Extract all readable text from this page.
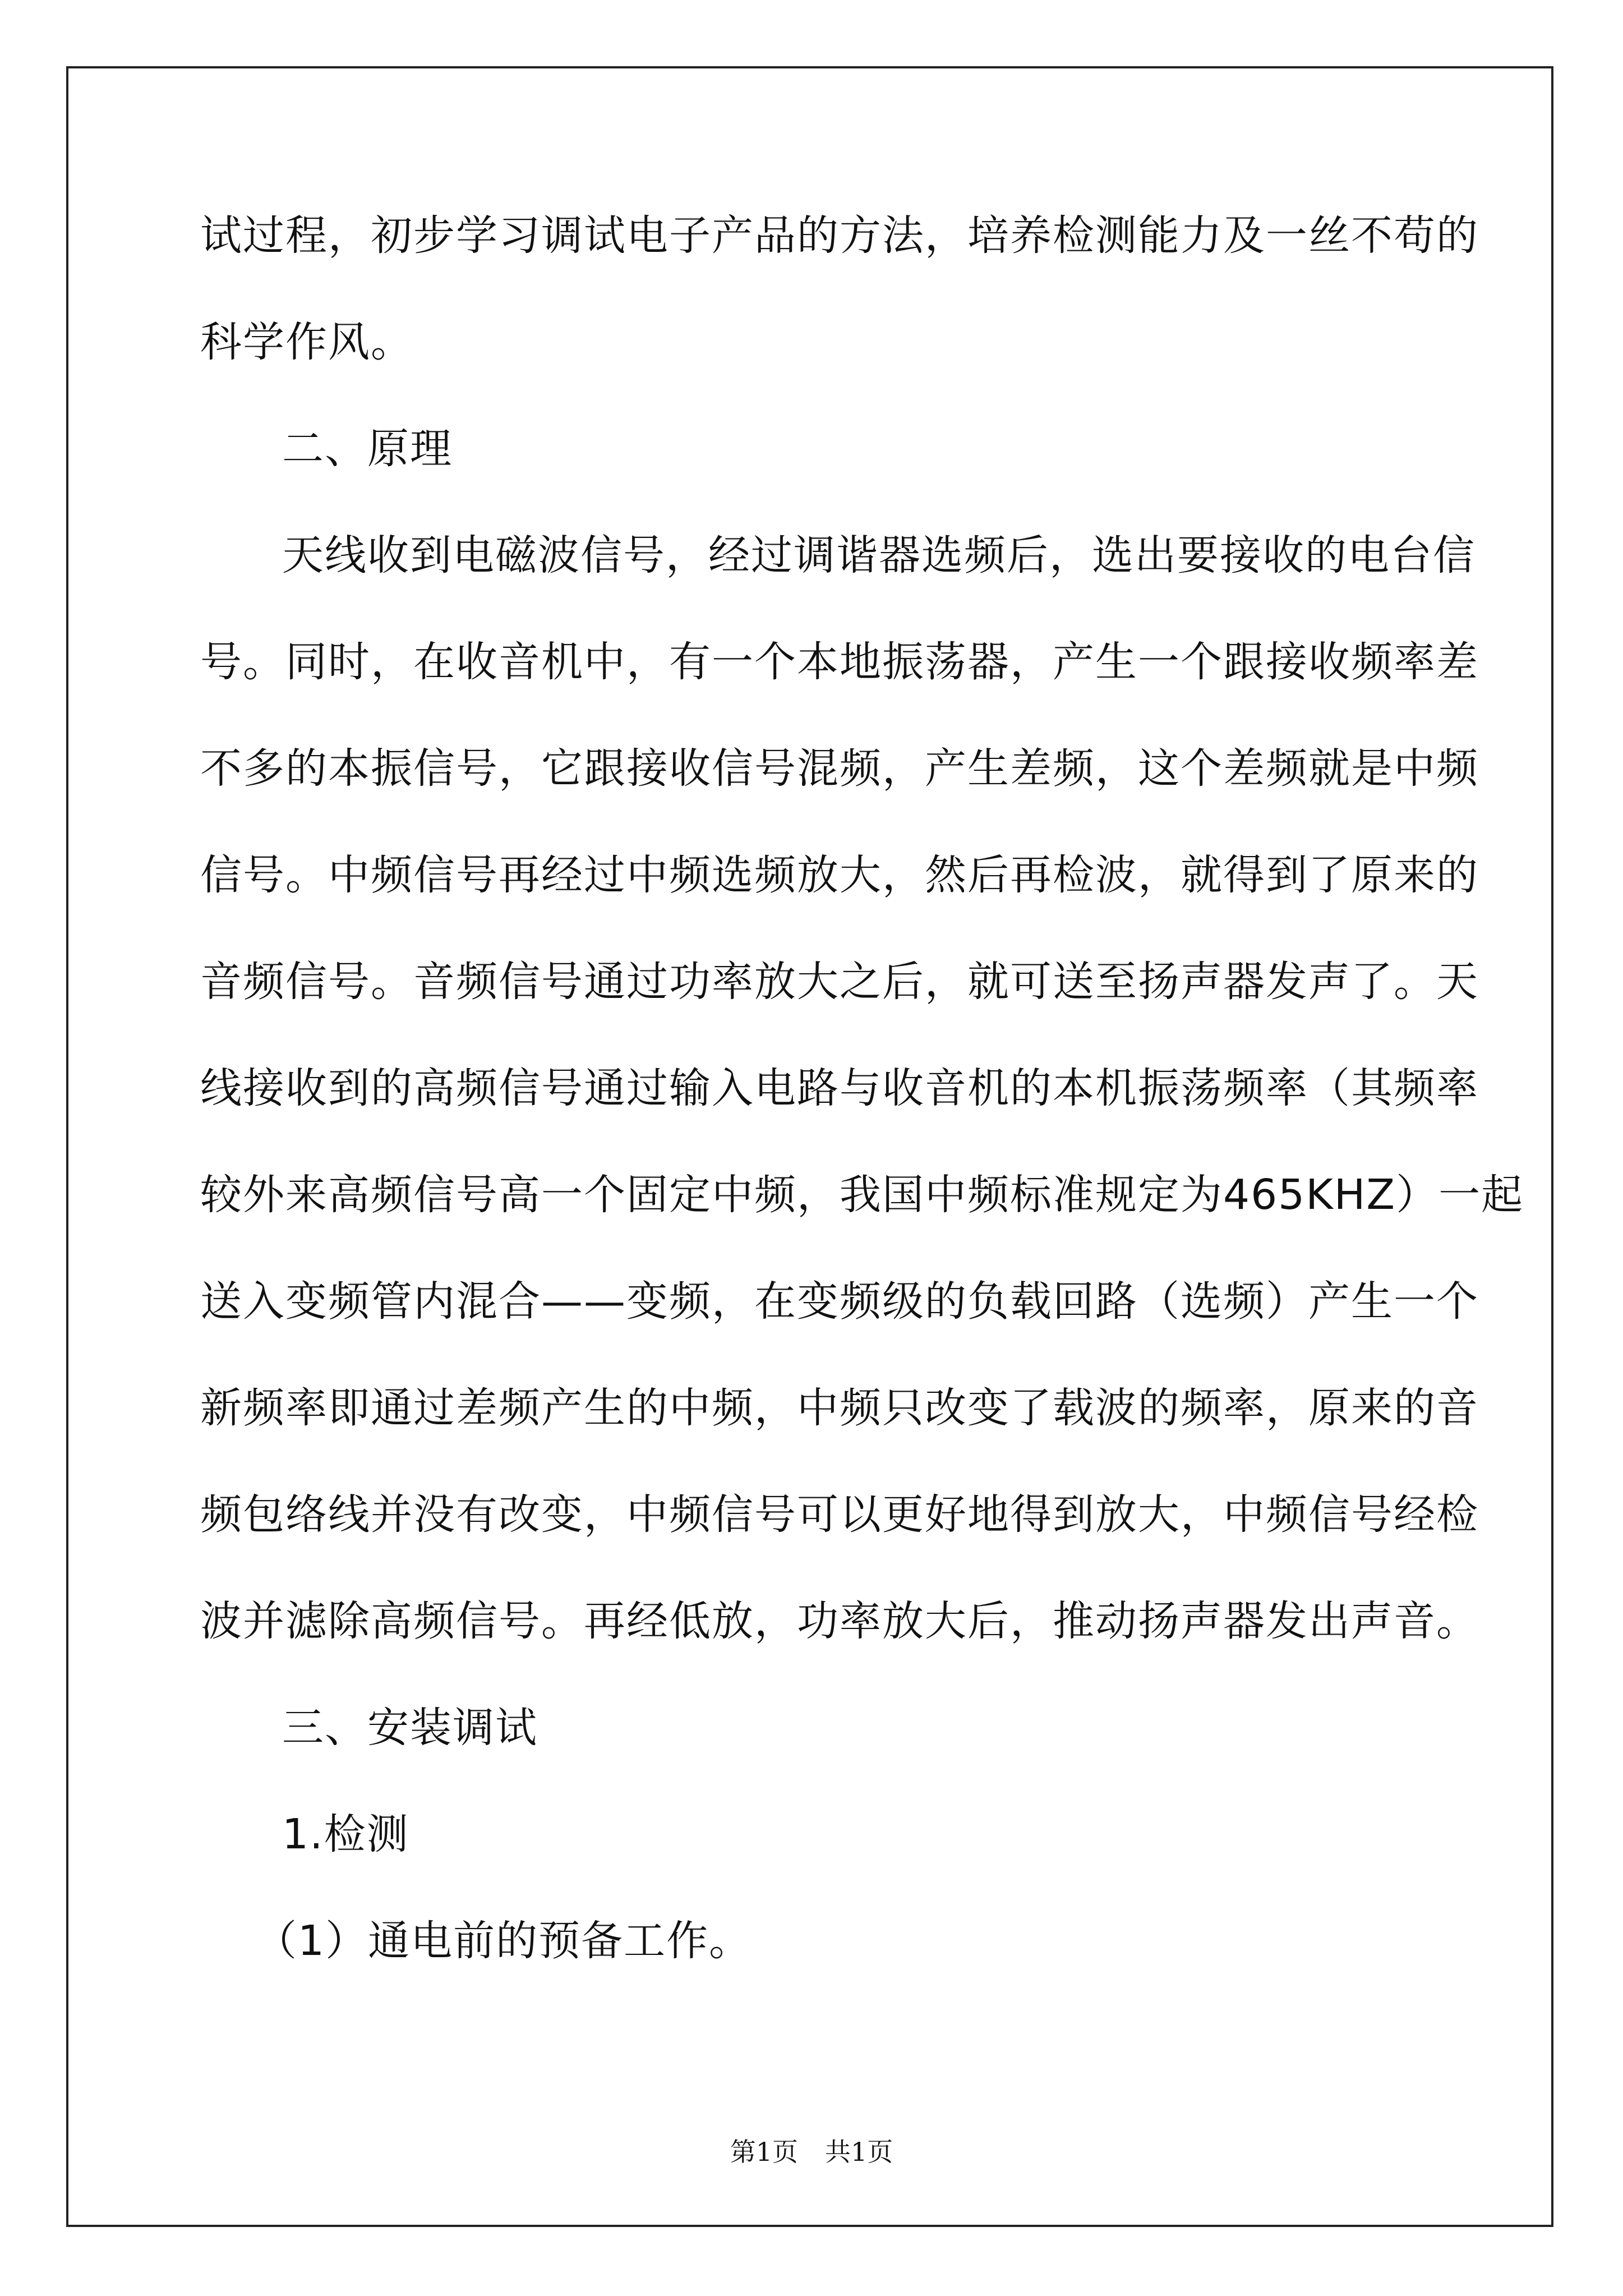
试过程，初步学习调试电子产品的方法，培养检测能力及一丝不苟的
科学作风。
二、原理
天线收到电磁波信号，经过调谐器选频后，选出要接收的电台信
号。同时，在收音机中，有一个本地振荡器，产生一个跟接收频率差
不多的本振信号，它跟接收信号混频，产生差频，这个差频就是中频
信号。中频信号再经过中频选频放大，然后再检波，就得到了原来的
音频信号。音频信号通过功率放大之后，就可送至扬声器发声了。天
线接收到的高频信号通过输入电路与收音机的本机振荡频率（其频率
较外来高频信号高一个固定中频，我国中频标准规定为465KHZ）一起
送入变频管内混合——变频，在变频级的负载回路（选频）产生一个
新频率即通过差频产生的中频，中频只改变了载波的频率，原来的音
频包络线并没有改变，中频信号可以更好地得到放大，中频信号经检
波并滤除高频信号。再经低放，功率放大后，推动扬声器发出声音。
三、安装调试
1.检测
（1）通电前的预备工作。
第1页 共1页
